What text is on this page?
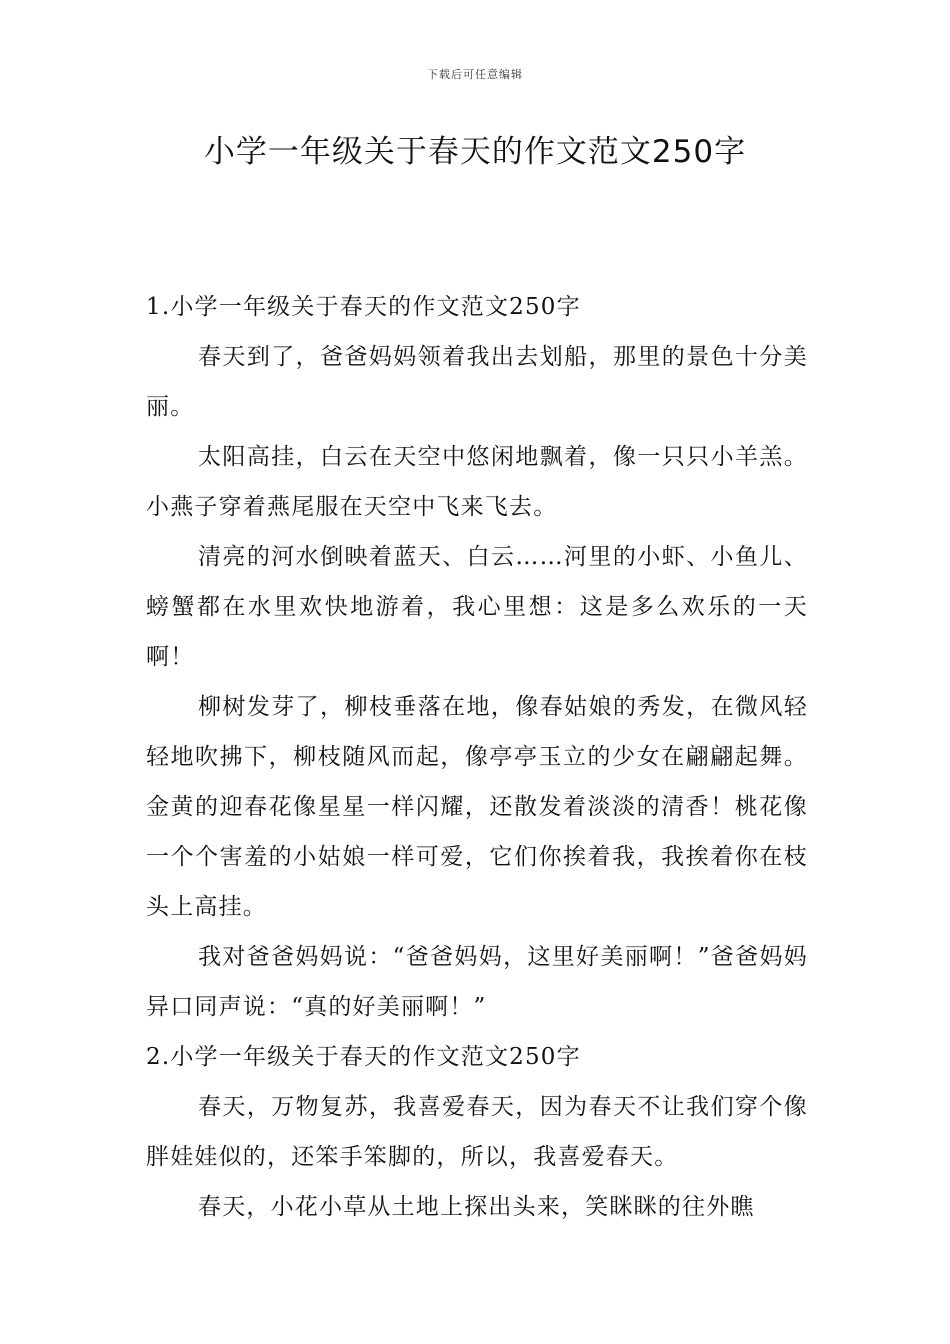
下载后可任意编辑
小学一年级关于春天的作文范文250字

1.小学一年级关于春天的作文范文250字

春天到了，爸爸妈妈领着我出去划船，那里的景色十分美丽。

太阳高挂，白云在天空中悠闲地飘着，像一只只小羊羔。小燕子穿着燕尾服在天空中飞来飞去。

清亮的河水倒映着蓝天、白云……河里的小虾、小鱼儿、螃蟹都在水里欢快地游着，我心里想：这是多么欢乐的一天啊！

柳树发芽了，柳枝垂落在地，像春姑娘的秀发，在微风轻轻地吹拂下，柳枝随风而起，像亭亭玉立的少女在翩翩起舞。金黄的迎春花像星星一样闪耀，还散发着淡淡的清香！桃花像一个个害羞的小姑娘一样可爱，它们你挨着我，我挨着你在枝头上高挂。

我对爸爸妈妈说：“爸爸妈妈，这里好美丽啊！”爸爸妈妈异口同声说：“真的好美丽啊！”

2.小学一年级关于春天的作文范文250字

春天，万物复苏，我喜爱春天，因为春天不让我们穿个像胖娃娃似的，还笨手笨脚的，所以，我喜爱春天。

春天，小花小草从土地上探出头来，笑眯眯的往外瞧
